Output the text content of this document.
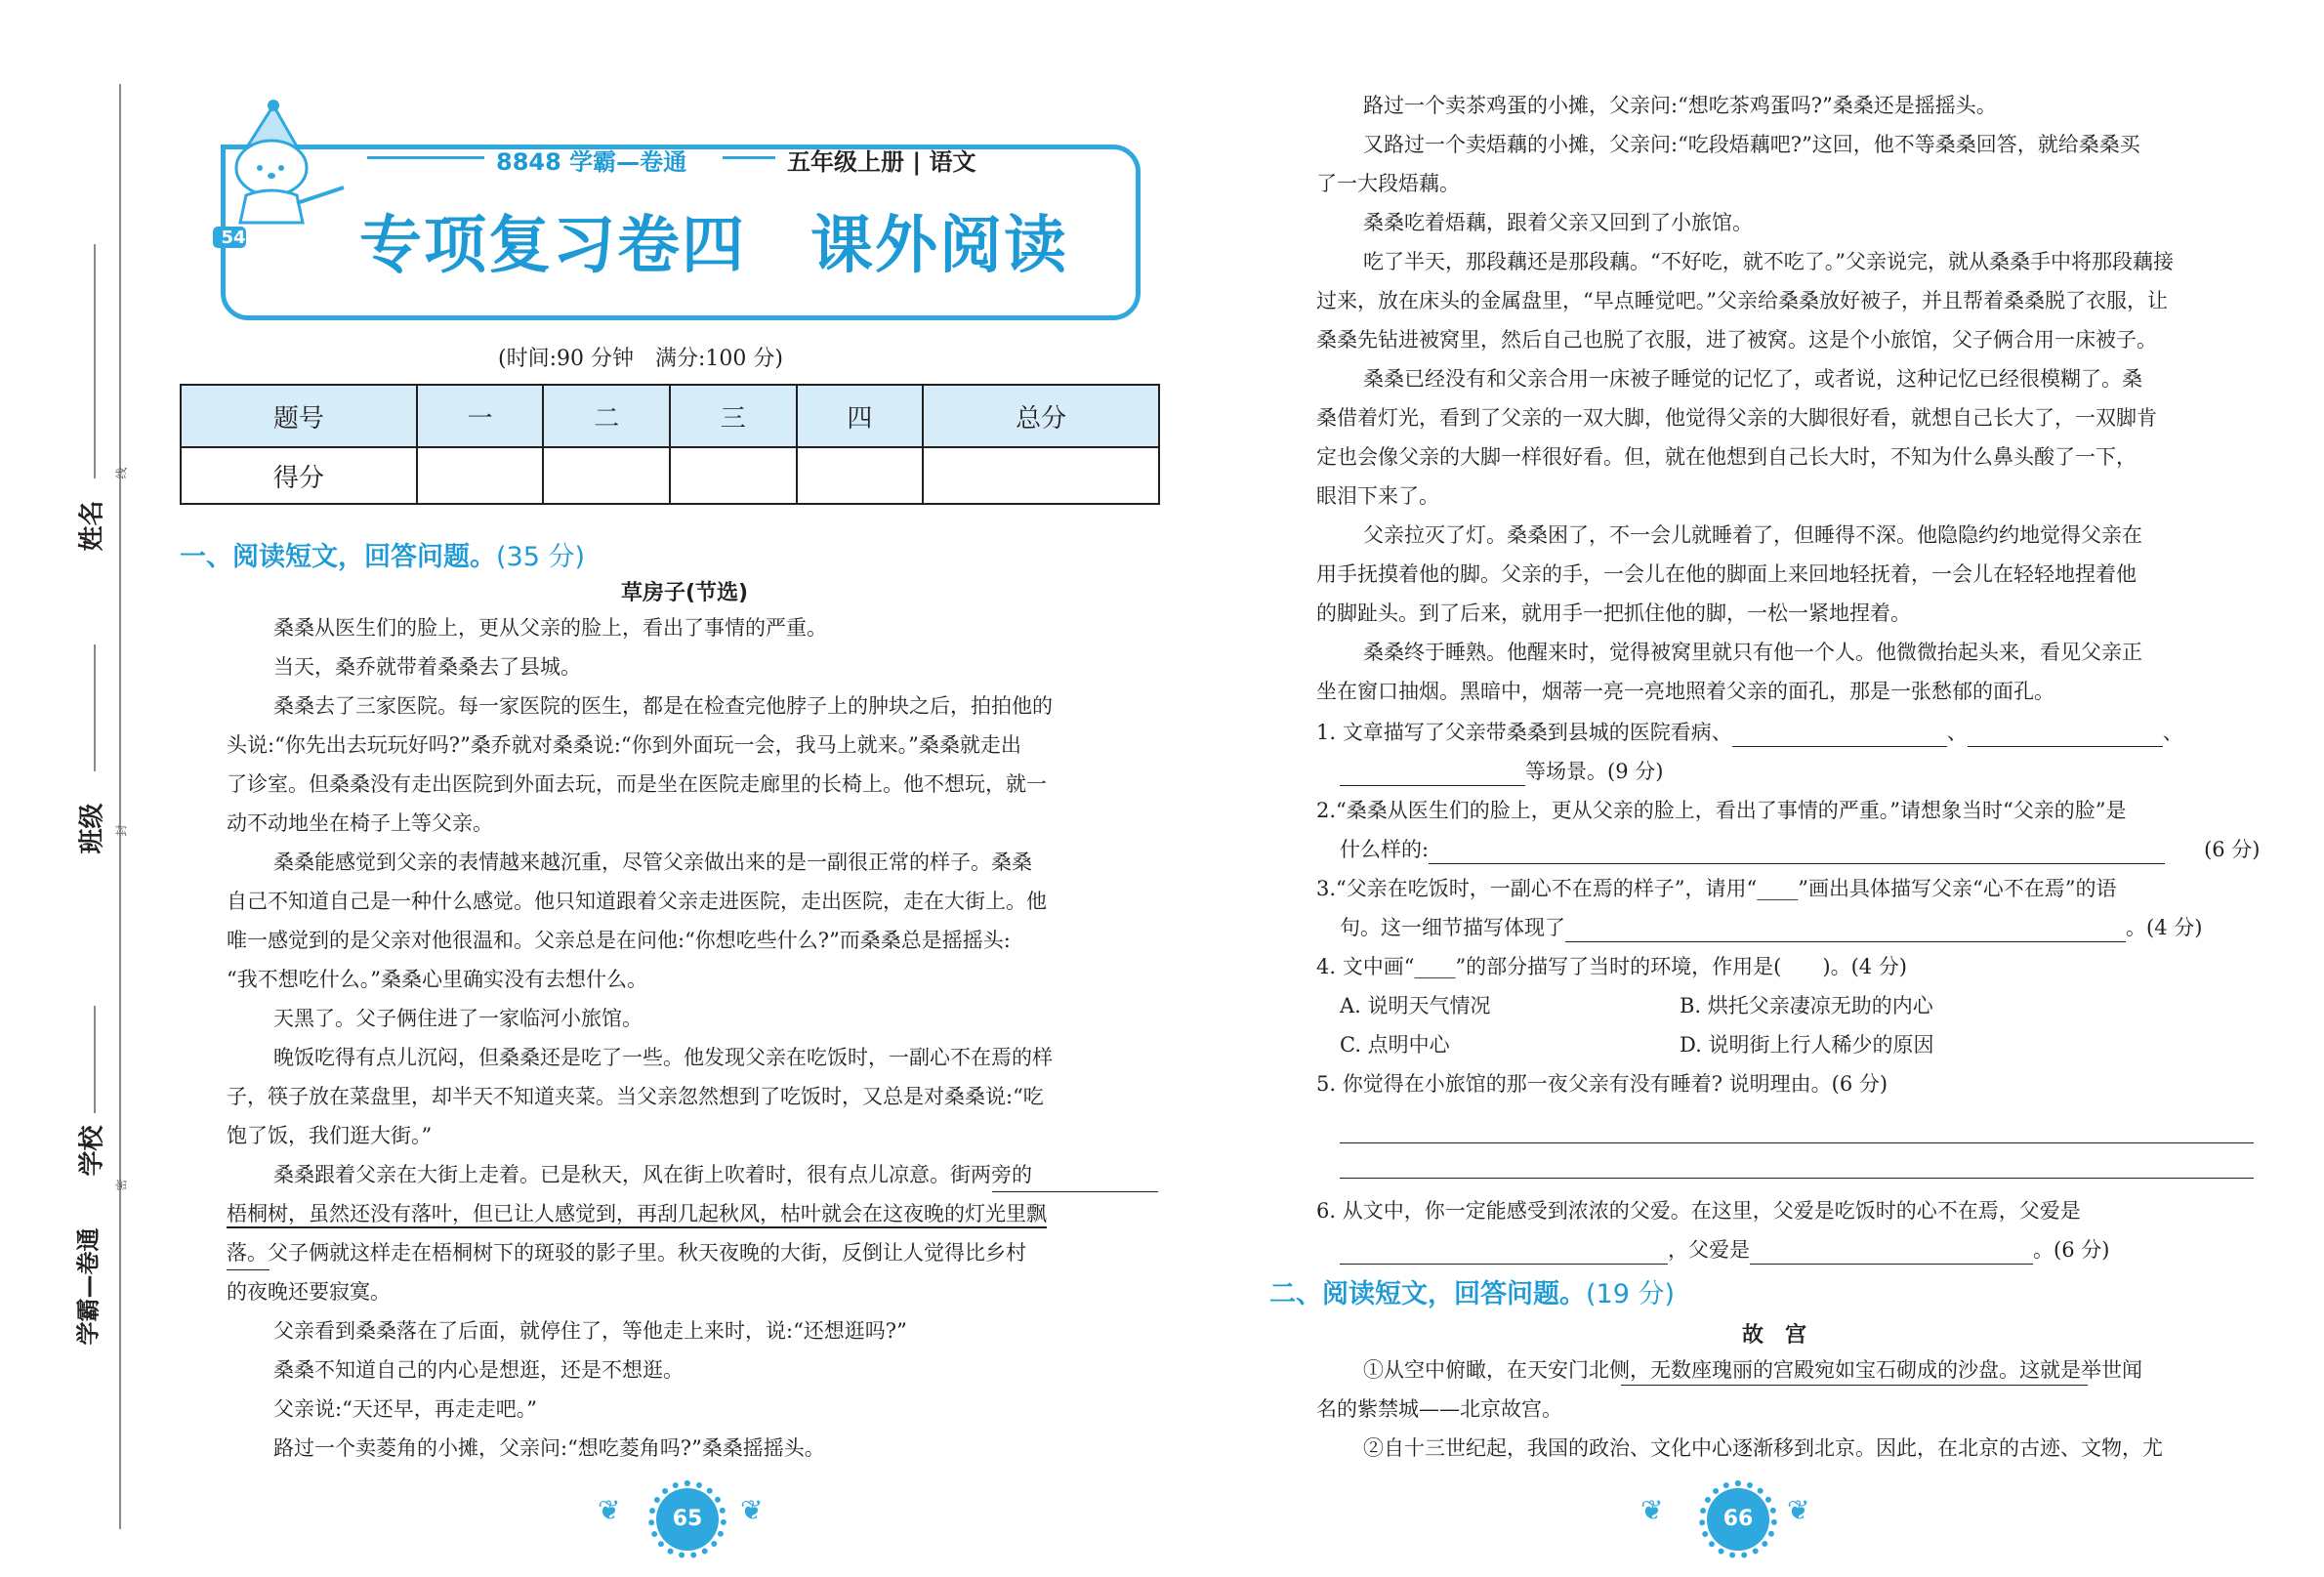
姓名
班级
学校
学霸—卷通
线
封
密
54
8848 学霸—卷通	五年级上册 | 语文
专项复习卷四　课外阅读
(时间:90 分钟　满分:100 分)
题号	一	二	三	四	总分
得分					
一、阅读短文，回答问题。(35 分)
草房子(节选)
桑桑从医生们的脸上，更从父亲的脸上，看出了事情的严重。
当天，桑乔就带着桑桑去了县城。
桑桑去了三家医院。每一家医院的医生，都是在检查完他脖子上的肿块之后，拍拍他的
头说:“你先出去玩玩好吗?”桑乔就对桑桑说:“你到外面玩一会，我马上就来。”桑桑就走出
了诊室。但桑桑没有走出医院到外面去玩，而是坐在医院走廊里的长椅上。他不想玩，就一
动不动地坐在椅子上等父亲。
桑桑能感觉到父亲的表情越来越沉重，尽管父亲做出来的是一副很正常的样子。桑桑
自己不知道自己是一种什么感觉。他只知道跟着父亲走进医院，走出医院，走在大街上。他
唯一感觉到的是父亲对他很温和。父亲总是在问他:“你想吃些什么?”而桑桑总是摇摇头:
“我不想吃什么。”桑桑心里确实没有去想什么。
天黑了。父子俩住进了一家临河小旅馆。
晚饭吃得有点儿沉闷，但桑桑还是吃了一些。他发现父亲在吃饭时，一副心不在焉的样
子，筷子放在菜盘里，却半天不知道夹菜。当父亲忽然想到了吃饭时，又总是对桑桑说:“吃
饱了饭，我们逛大街。”
桑桑跟着父亲在大街上走着。已是秋天，风在街上吹着时，很有点儿凉意。街两旁的
梧桐树，虽然还没有落叶，但已让人感觉到，再刮几起秋风，枯叶就会在这夜晚的灯光里飘
落。父子俩就这样走在梧桐树下的斑驳的影子里。秋天夜晚的大街，反倒让人觉得比乡村
的夜晚还要寂寞。
父亲看到桑桑落在了后面，就停住了，等他走上来时，说:“还想逛吗?”
桑桑不知道自己的内心是想逛，还是不想逛。
父亲说:“天还早，再走走吧。”
路过一个卖菱角的小摊，父亲问:“想吃菱角吗?”桑桑摇摇头。
路过一个卖茶鸡蛋的小摊，父亲问:“想吃茶鸡蛋吗?”桑桑还是摇摇头。
又路过一个卖焐藕的小摊，父亲问:“吃段焐藕吧?”这回，他不等桑桑回答，就给桑桑买
了一大段焐藕。
桑桑吃着焐藕，跟着父亲又回到了小旅馆。
吃了半天，那段藕还是那段藕。“不好吃，就不吃了。”父亲说完，就从桑桑手中将那段藕接
过来，放在床头的金属盘里，“早点睡觉吧。”父亲给桑桑放好被子，并且帮着桑桑脱了衣服，让
桑桑先钻进被窝里，然后自己也脱了衣服，进了被窝。这是个小旅馆，父子俩合用一床被子。
桑桑已经没有和父亲合用一床被子睡觉的记忆了，或者说，这种记忆已经很模糊了。桑
桑借着灯光，看到了父亲的一双大脚，他觉得父亲的大脚很好看，就想自己长大了，一双脚肯
定也会像父亲的大脚一样很好看。但，就在他想到自己长大时，不知为什么鼻头酸了一下，
眼泪下来了。
父亲拉灭了灯。桑桑困了，不一会儿就睡着了，但睡得不深。他隐隐约约地觉得父亲在
用手抚摸着他的脚。父亲的手，一会儿在他的脚面上来回地轻抚着，一会儿在轻轻地捏着他
的脚趾头。到了后来，就用手一把抓住他的脚，一松一紧地捏着。
桑桑终于睡熟。他醒来时，觉得被窝里就只有他一个人。他微微抬起头来，看见父亲正
坐在窗口抽烟。黑暗中，烟蒂一亮一亮地照着父亲的面孔，那是一张愁郁的面孔。
1. 文章描写了父亲带桑桑到县城的医院看病、	、	、
等场景。(9 分)
2.“桑桑从医生们的脸上，更从父亲的脸上，看出了事情的严重。”请想象当时“父亲的脸”是
什么样的:	(6 分)
3.“父亲在吃饭时，一副心不在焉的样子”，请用“____”画出具体描写父亲“心不在焉”的语
句。这一细节描写体现了	。(4 分)
4. 文中画“____”的部分描写了当时的环境，作用是(　　)。(4 分)
A. 说明天气情况	B. 烘托父亲凄凉无助的内心
C. 点明中心	D. 说明街上行人稀少的原因
5. 你觉得在小旅馆的那一夜父亲有没有睡着? 说明理由。(6 分)
6. 从文中，你一定能感受到浓浓的父爱。在这里，父爱是吃饭时的心不在焉，父爱是
，父爱是	。(6 分)
二、阅读短文，回答问题。(19 分)
故　宫
①从空中俯瞰，在天安门北侧，无数座瑰丽的宫殿宛如宝石砌成的沙盘。这就是举世闻
名的紫禁城——北京故宫。
②自十三世纪起，我国的政治、文化中心逐渐移到北京。因此，在北京的古迹、文物，尤
❦	65	❦	❦	66	❦
